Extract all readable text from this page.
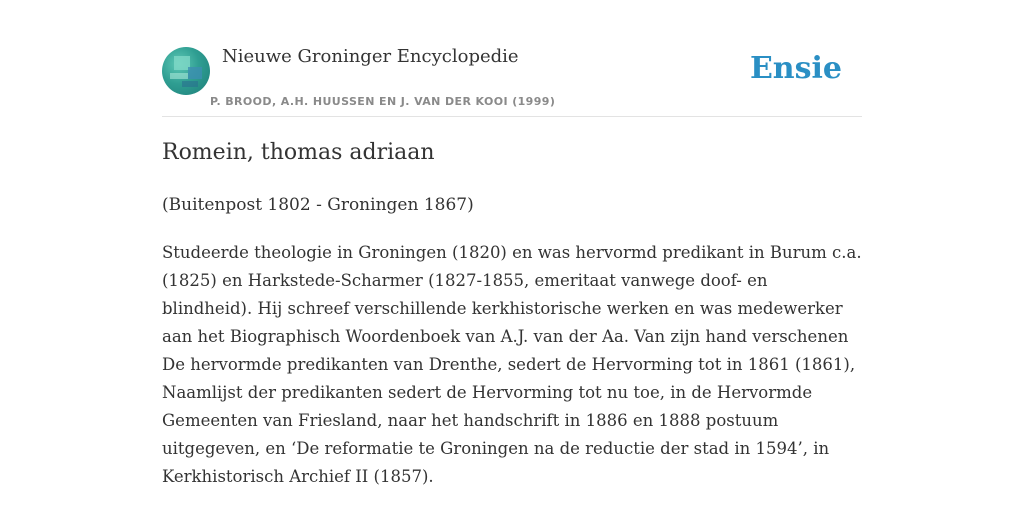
Nieuwe Groninger Encyclopedie
P. BROOD, A.H. HUUSSEN EN J. VAN DER KOOI (1999)
Ensie
Romein, thomas adriaan
(Buitenpost 1802 - Groningen 1867)

Studeerde theologie in Groningen (1820) en was hervormd predikant in Burum c.a. (1825) en Harkstede-Scharmer (1827-1855, emeritaat vanwege doof- en blindheid). Hij schreef verschillende kerkhistorische werken en was medewerker aan het Biographisch Woordenboek van A.J. van der Aa. Van zijn hand verschenen De hervormde predikanten van Drenthe, sedert de Hervorming tot in 1861 (1861), Naamlijst der predikanten sedert de Hervorming tot nu toe, in de Hervormde Gemeenten van Friesland, naar het handschrift in 1886 en 1888 postuum uitgegeven, en ‘De reformatie te Groningen na de reductie der stad in 1594’, in Kerkhistorisch Archief II (1857).
